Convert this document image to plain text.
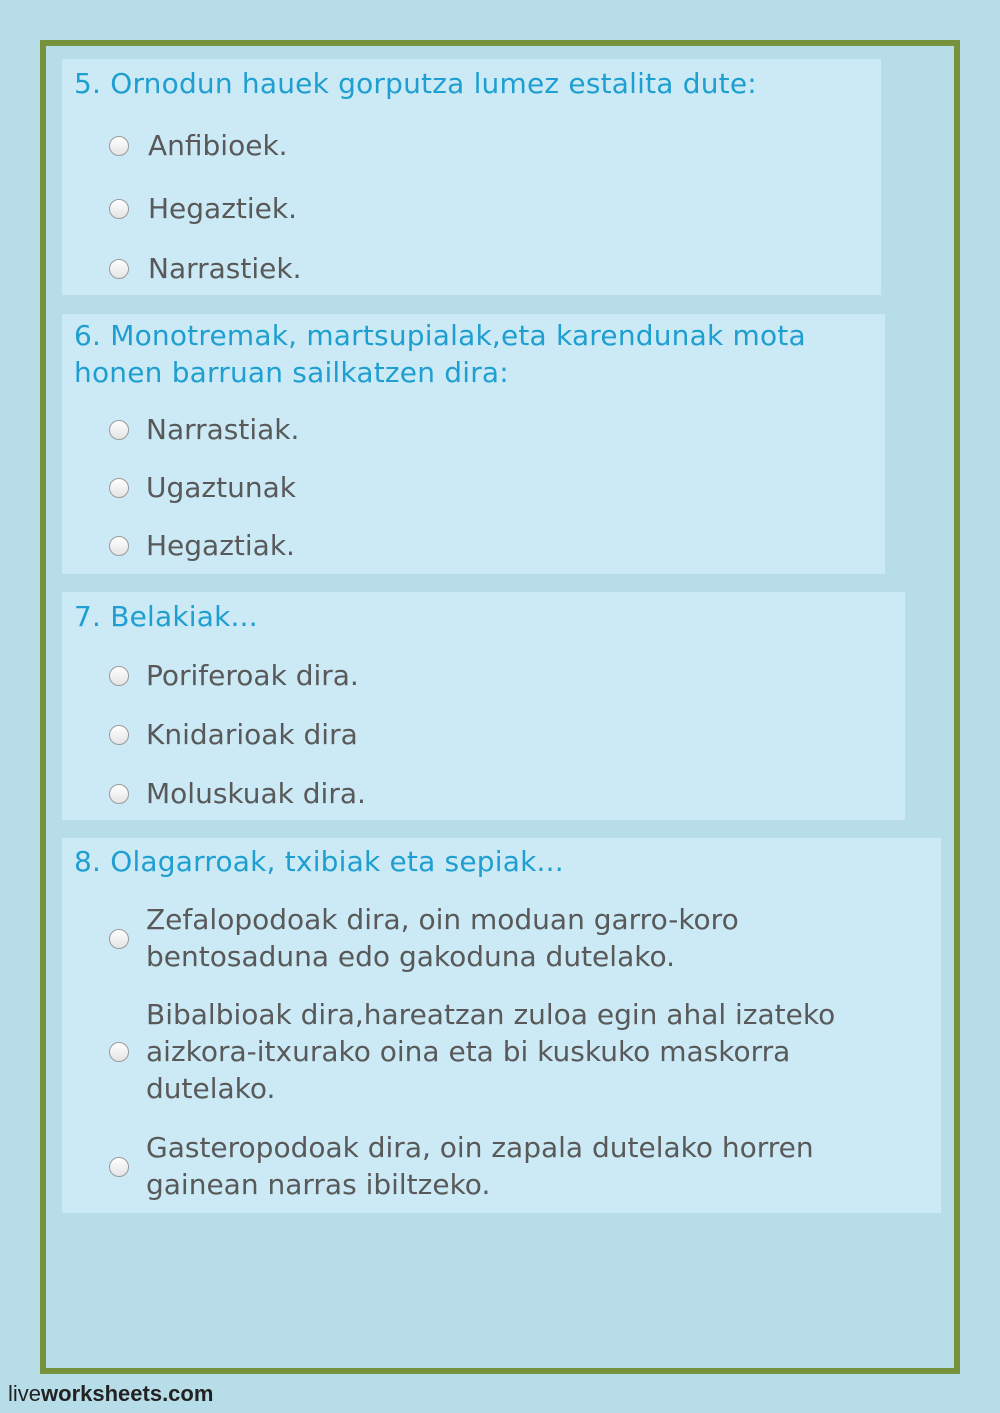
5. Ornodun hauek gorputza lumez estalita dute:
Anfibioek.
Hegaztiek.
Narrastiek.
6. Monotremak, martsupialak,eta karendunak mota
honen barruan sailkatzen dira:
Narrastiak.
Ugaztunak
Hegaztiak.
7. Belakiak...
Poriferoak dira.
Knidarioak dira
Moluskuak dira.
8. Olagarroak, txibiak eta sepiak...
Zefalopodoak dira, oin moduan garro-koro
bentosaduna edo gakoduna dutelako.
Bibalbioak dira,hareatzan zuloa egin ahal izateko
aizkora-itxurako oina eta bi kuskuko maskorra
dutelako.
Gasteropodoak dira, oin zapala dutelako horren
gainean narras ibiltzeko.
liveworksheets.com
